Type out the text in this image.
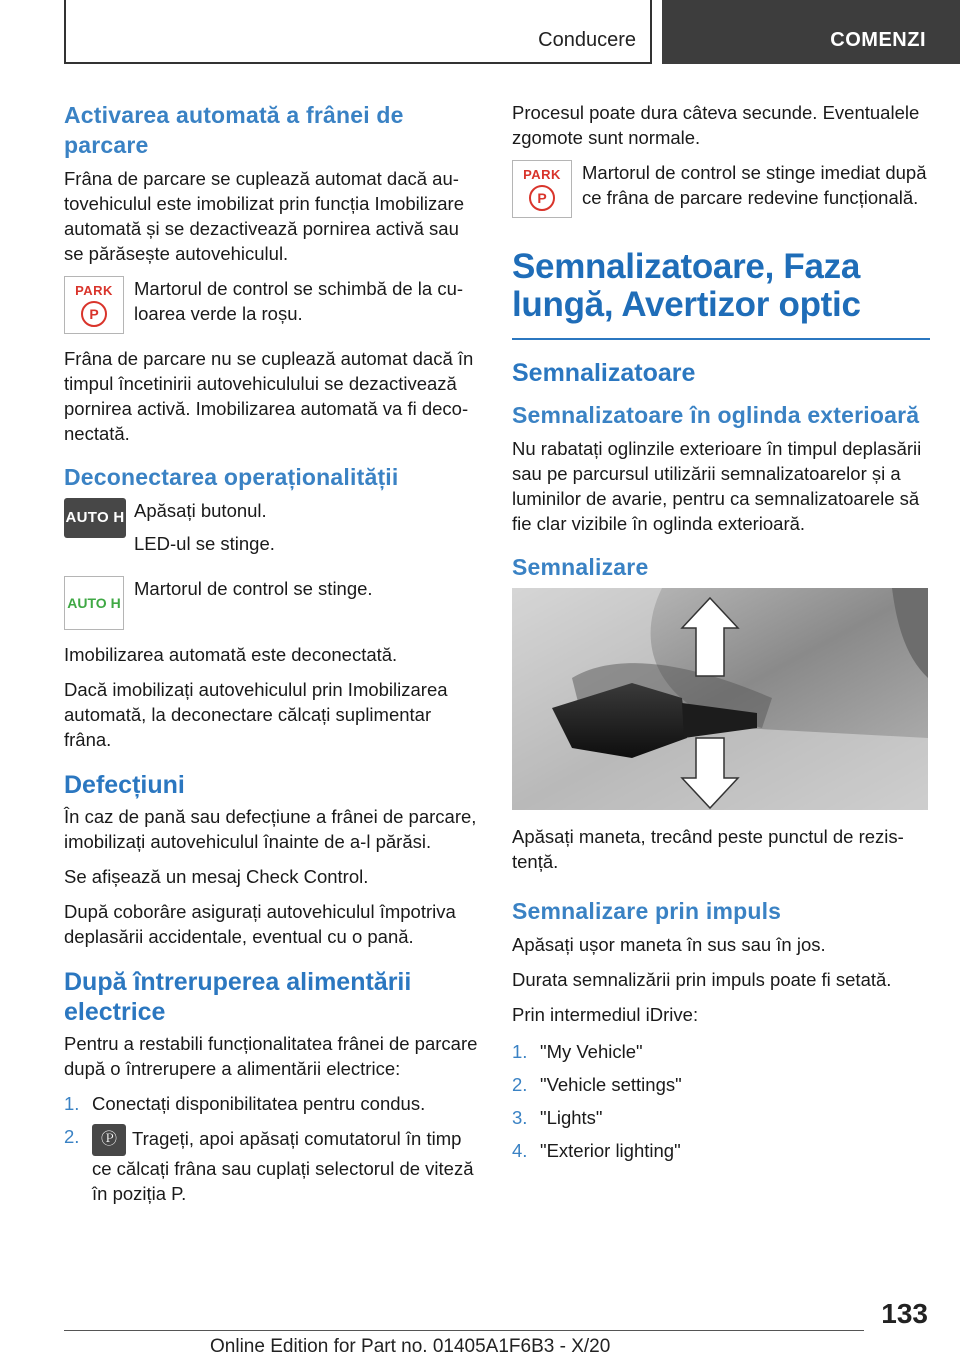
Conducere	COMENZI
Activarea automată a frânei de parcare

Frâna de parcare se cuplează automat dacă autovehiculul este imobilizat prin funcția Imobilizare automată și se dezactivează pornirea activă sau se părăsește autovehiculul.

PARK
P

Martorul de control se schimbă de la culoarea verde la roșu.

Frâna de parcare nu se cuplează automat dacă în timpul încetinirii autovehiculului se dezactivează pornirea activă. Imobilizarea automată va fi deconectată.

Deconectarea operaționalității
AUTO H Apăsați butonul.

LED-ul se stinge.

AUTO H

Martorul de control se stinge.

Imobilizarea automată este deconectată.

Dacă imobilizați autovehiculul prin Imobilizarea automată, la deconectare călcați suplimentar frâna.

Defecțiuni

În caz de pană sau defecțiune a frânei de parcare, imobilizați autovehiculul înainte de a-l părăsi.

Se afișează un mesaj Check Control.

După coborâre asigurați autovehiculul împotriva deplasării accidentale, eventual cu o pană.

După întreruperea alimentării electrice

Pentru a restabili funcționalitatea frânei de parcare după o întrerupere a alimentării electrice:

1. Conectați disponibilitatea pentru condus.
2.	Ⓟ Trageți, apoi apăsați comutatorul în timp ce călcați frâna sau cuplați selectorul de viteză în poziția P.

Procesul poate dura câteva secunde. Eventualele zgomote sunt normale.

PARK
P

Martorul de control se stinge imediat după ce frâna de parcare redevine funcțională.

Semnalizatoare, Faza lungă, Avertizor optic
Semnalizatoare
Semnalizatoare în oglinda exterioară

Nu rabatați oglinzile exterioare în timpul deplasării sau pe parcursul utilizării semnalizatoarelor și a luminilor de avarie, pentru ca semnalizatoarele să fie clar vizibile în oglinda exterioară.

Semnalizare

Apăsați maneta, trecând peste punctul de rezistență.

Semnalizare prin impuls

Apăsați ușor maneta în sus sau în jos.

Durata semnalizării prin impuls poate fi setată.

Prin intermediul iDrive:

1. "My Vehicle"
2. "Vehicle settings"
3. "Lights"
4. "Exterior lighting"
133
Online Edition for Part no. 01405A1F6B3 - X/20
